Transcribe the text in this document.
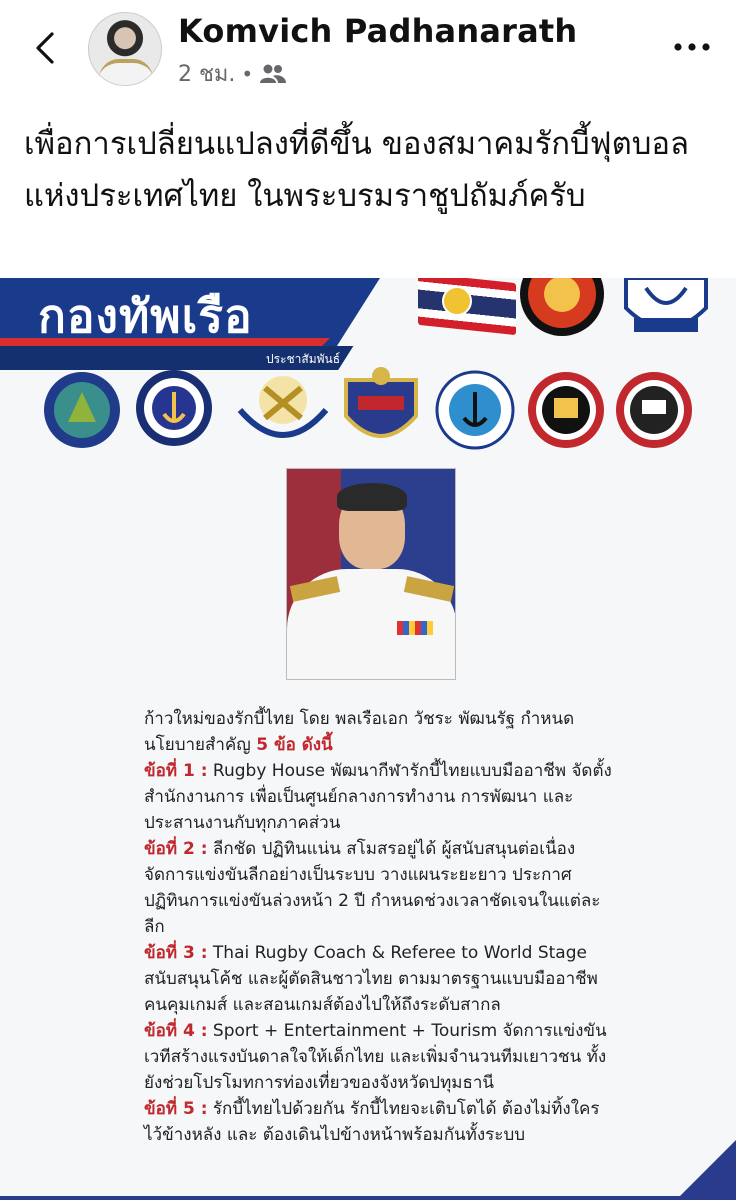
Komvich Padhanarath
2 ชม. •
เพื่อการเปลี่ยนแปลงที่ดีขึ้น ของสมาคมรักบี้ฟุตบอล แห่งประเทศไทย ในพระบรมราชูปถัมภ์ครับ
กองทัพเรือ
ประชาสัมพันธ์

ก้าวใหม่ของรักบี้ไทย โดย พลเรือเอก วัชระ พัฒนรัฐ กำหนดนโยบายสำคัญ 5 ข้อ ดังนี้

ข้อที่ 1 : Rugby House พัฒนากีฬารักบี้ไทยแบบมืออาชีพ จัดตั้งสำนักงานการ เพื่อเป็นศูนย์กลางการทำงาน การพัฒนา และประสานงานกับทุกภาคส่วน

ข้อที่ 2 : ลีกชัด ปฏิทินแน่น สโมสรอยู่ได้ ผู้สนับสนุนต่อเนื่อง จัดการแข่งขันลีกอย่างเป็นระบบ วางแผนระยะยาว ประกาศปฏิทินการแข่งขันล่วงหน้า 2 ปี กำหนดช่วงเวลาชัดเจนในแต่ละลีก

ข้อที่ 3 : Thai Rugby Coach & Referee to World Stage สนับสนุนโค้ช และผู้ตัดสินชาวไทย ตามมาตรฐานแบบมืออาชีพ คนคุมเกมส์ และสอนเกมส์ต้องไปให้ถึงระดับสากล

ข้อที่ 4 : Sport + Entertainment + Tourism จัดการแข่งขันเวทีสร้างแรงบันดาลใจให้เด็กไทย และเพิ่มจำนวนทีมเยาวชน ทั้งยังช่วยโปรโมทการท่องเที่ยวของจังหวัดปทุมธานี

ข้อที่ 5 : รักบี้ไทยไปด้วยกัน รักบี้ไทยจะเติบโตได้ ต้องไม่ทิ้งใครไว้ข้างหลัง และ ต้องเดินไปข้างหน้าพร้อมกันทั้งระบบ
